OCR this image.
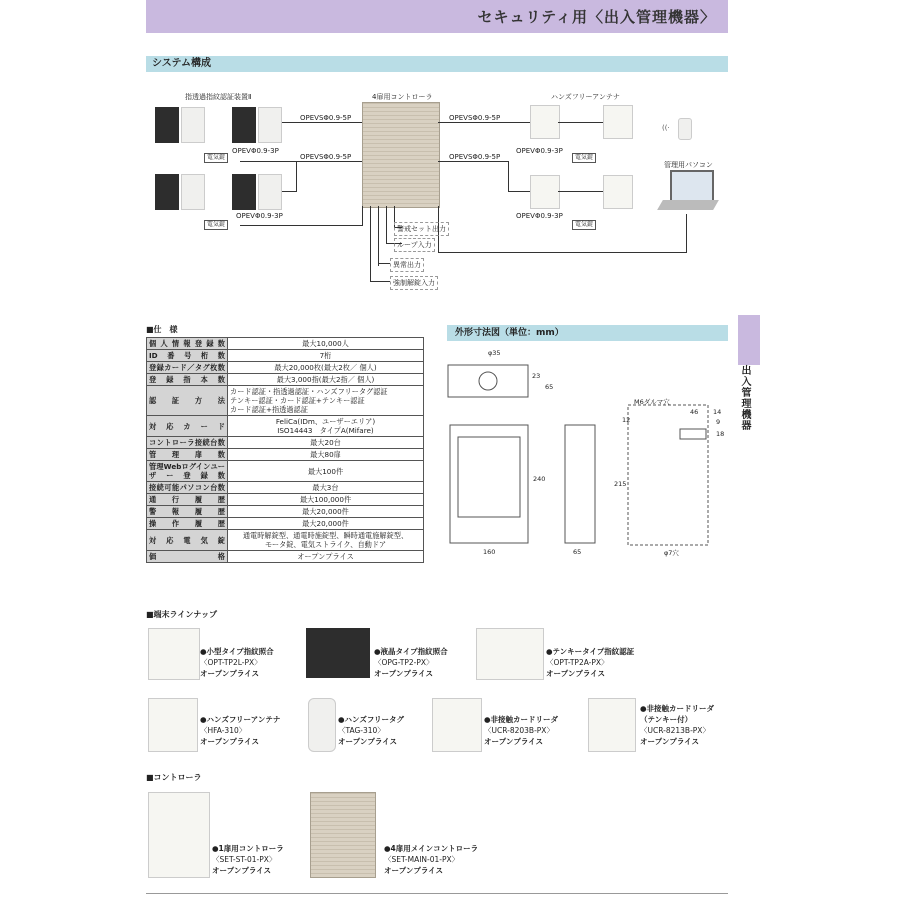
セキュリティ用〈出入管理機器〉
出入管理機器
システム構成
指透過指紋認証装置Ⅱ	4扉用コントローラ	ハンズフリーアンテナ
管理用パソコン
電気錠
電気錠
OPEVSΦ0.9-5P
OPEVΦ0.9-3P
OPEVSΦ0.9-5P
OPEVΦ0.9-3P
OPEVSΦ0.9-5P
((·
OPEVΦ0.9-3P
電気錠
OPEVSΦ0.9-5P
OPEVΦ0.9-3P
電気錠
警戒セット出力
ループ入力
異常出力
強制解錠入力
■仕　様
個人情報登録数	最大10,000人
ID番号桁数	7桁
登録カード／タグ枚数	最大20,000枚(最大2枚／ 個人)
登録指本数	最大3,000指(最大2指／ 個人)
認証方法	カード認証・指透過認証・ハンズフリータグ認証
テンキー認証・カード認証+テンキー認証
カード認証+指透過認証
対応カード	FeliCa(IDm、ユーザーエリア)
ISO14443　タイプA(Mifare)
コントローラ接続台数	最大20台
管理扉数	最大80扉
管理Webログインユーザー登録数	最大100件
接続可能パソコン台数	最大3台
通行履歴	最大100,000件
警報履歴	最大20,000件
操作履歴	最大20,000件
対応電気錠	通電時解錠型、通電時施錠型、瞬時通電施解錠型、
モータ錠、電気ストライク、自動ドア
価格	オープンプライス
外形寸法図（単位：mm）
φ35
23
65
240
160	65
M6ダルマ穴
46 14
12	9
18
215
φ7穴
■端末ラインナップ
●小型タイプ指紋照合
〈OPT-TP2L-PX〉
オープンプライス
●液晶タイプ指紋照合
〈OPG-TP2-PX〉
オープンプライス
●テンキータイプ指紋認証
〈OPT-TP2A-PX〉
オープンプライス
●ハンズフリーアンテナ
〈HFA-310〉
オープンプライス
●ハンズフリータグ
〈TAG-310〉
オープンプライス
●非接触カードリーダ
〈UCR-8203B-PX〉
オープンプライス
●非接触カードリーダ
（テンキー付）
〈UCR-8213B-PX〉
オープンプライス
■コントローラ
●1扉用コントローラ
〈SET-ST-01-PX〉
オープンプライス
●4扉用メインコントローラ
〈SET-MAIN-01-PX〉
オープンプライス
